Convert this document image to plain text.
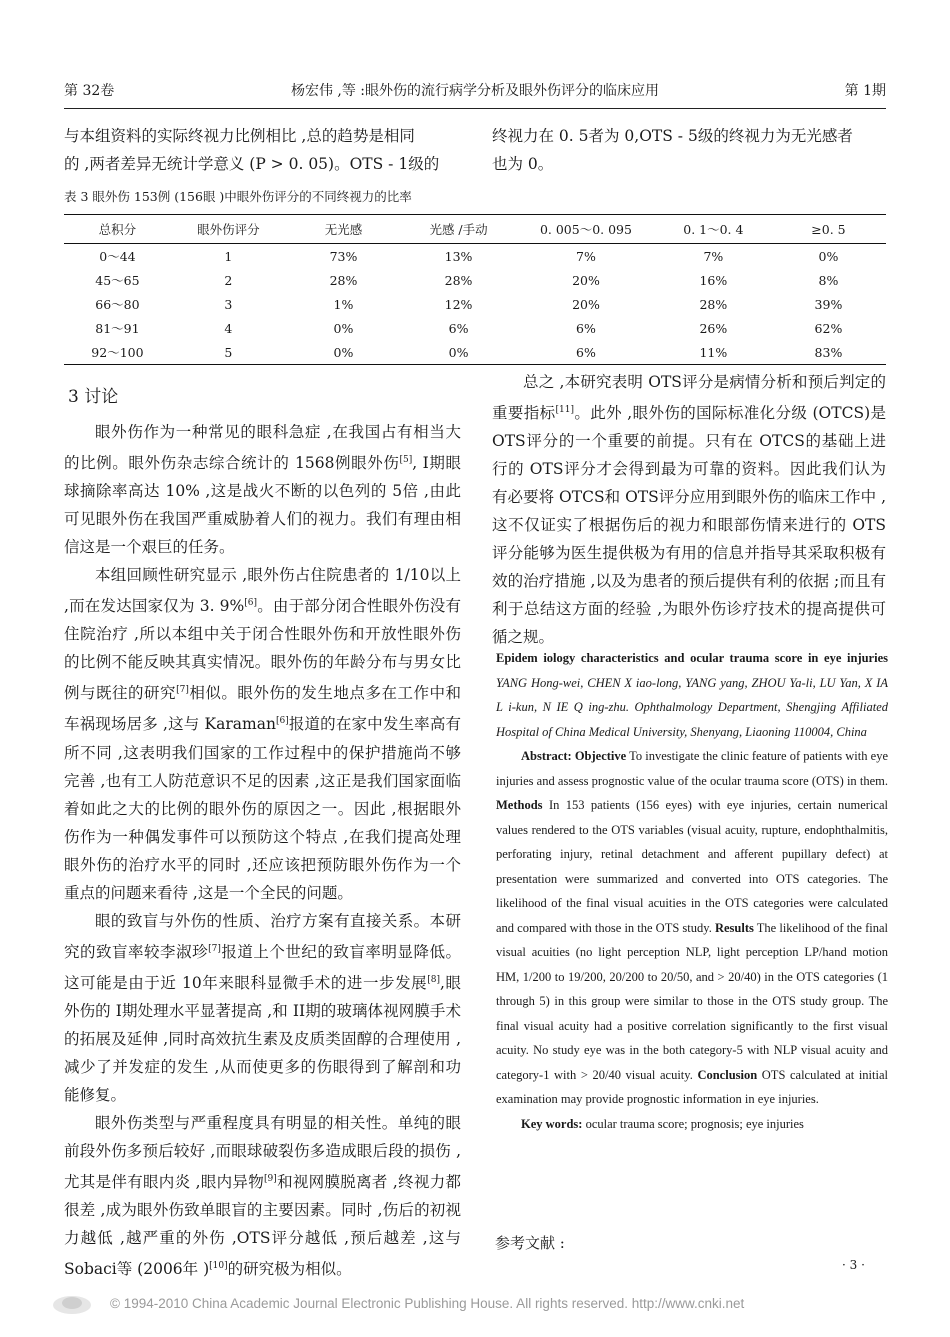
第 32卷	杨宏伟 ,等 :眼外伤的流行病学分析及眼外伤评分的临床应用	第 1期

与本组资料的实际终视力比例相比 ,总的趋势是相同

的 ,两者差异无统计学意义 (P > 0. 05)。OTS - 1级的

终视力在 0. 5者为 0,OTS - 5级的终视力为无光感者

也为 0。

表 3 眼外伤 153例 (156眼 )中眼外伤评分的不同终视力的比率
总积分	眼外伤评分	无光感	光感 /手动	0. 005～0. 095	0. 1～0. 4	≥0. 5
0～44	1	73%	13%	7%	7%	0%
45～65	2	28%	28%	20%	16%	8%
66～80	3	1%	12%	20%	28%	39%
81～91	4	0%	6%	6%	26%	62%
92～100	5	0%	0%	6%	11%	83%
3 讨论

眼外伤作为一种常见的眼科急症 ,在我国占有相当大的比例。眼外伤杂志综合统计的 1568例眼外伤[5], I期眼球摘除率高达 10% ,这是战火不断的以色列的 5倍 ,由此可见眼外伤在我国严重威胁着人们的视力。我们有理由相信这是一个艰巨的任务。

本组回顾性研究显示 ,眼外伤占住院患者的 1/10以上 ,而在发达国家仅为 3. 9%[6]。由于部分闭合性眼外伤没有住院治疗 ,所以本组中关于闭合性眼外伤和开放性眼外伤的比例不能反映其真实情况。眼外伤的年龄分布与男女比例与既往的研究[7]相似。眼外伤的发生地点多在工作中和车祸现场居多 ,这与 Karaman[6]报道的在家中发生率高有所不同 ,这表明我们国家的工作过程中的保护措施尚不够完善 ,也有工人防范意识不足的因素 ,这正是我们国家面临着如此之大的比例的眼外伤的原因之一。因此 ,根据眼外伤作为一种偶发事件可以预防这个特点 ,在我们提高处理眼外伤的治疗水平的同时 ,还应该把预防眼外伤作为一个重点的问题来看待 ,这是一个全民的问题。

眼的致盲与外伤的性质、治疗方案有直接关系。本研究的致盲率较李淑珍[7]报道上个世纪的致盲率明显降低。这可能是由于近 10年来眼科显微手术的进一步发展[8],眼外伤的 I期处理水平显著提高 ,和 II期的玻璃体视网膜手术的拓展及延伸 ,同时高效抗生素及皮质类固醇的合理使用 ,减少了并发症的发生 ,从而使更多的伤眼得到了解剖和功能修复。

眼外伤类型与严重程度具有明显的相关性。单纯的眼前段外伤多预后较好 ,而眼球破裂伤多造成眼后段的损伤 ,尤其是伴有眼内炎 ,眼内异物[9]和视网膜脱离者 ,终视力都很差 ,成为眼外伤致单眼盲的主要因素。同时 ,伤后的初视力越低 ,越严重的外伤 ,OTS评分越低 ,预后越差 ,这与 Sobaci等 (2006年 )[10]的研究极为相似。

总之 ,本研究表明 OTS评分是病情分析和预后判定的重要指标[11]。此外 ,眼外伤的国际标准化分级 (OTCS)是 OTS评分的一个重要的前提。只有在 OTCS的基础上进行的 OTS评分才会得到最为可靠的资料。因此我们认为有必要将 OTCS和 OTS评分应用到眼外伤的临床工作中 ,这不仅证实了根据伤后的视力和眼部伤情来进行的 OTS评分能够为医生提供极为有用的信息并指导其采取积极有效的治疗措施 ,以及为患者的预后提供有利的依据 ;而且有利于总结这方面的经验 ,为眼外伤诊疗技术的提高提供可循之规。

Epidem iology characteristics and ocular trauma score in eye injuries YANG Hong-wei, CHEN X iao-long, YANG yang, ZHOU Ya-li, LU Yan, X IA L i-kun, N IE Q ing-zhu. Ophthalmology Department, Shengjing Affiliated Hospital of China Medical University, Shenyang, Liaoning 110004, China

Abstract: Objective To investigate the clinic feature of patients with eye injuries and assess prognostic value of the ocular trauma score (OTS) in them. Methods In 153 patients (156 eyes) with eye injuries, certain numerical values rendered to the OTS variables (visual acuity, rupture, endophthalmitis, perforating injury, retinal detachment and afferent pupillary defect) at presentation were summarized and converted into OTS categories. The likelihood of the final visual acuities in the OTS categories were calculated and compared with those in the OTS study. Results The likelihood of the final visual acuities (no light perception NLP, light perception LP/hand motion HM, 1/200 to 19/200, 20/200 to 20/50, and > 20/40) in the OTS categories (1 through 5) in this group were similar to those in the OTS study group. The final visual acuity had a positive correlation significantly to the first visual acuity. No study eye was in the both category-5 with NLP visual acuity and category-1 with > 20/40 visual acuity. Conclusion OTS calculated at initial examination may provide prognostic information in eye injuries.

Key words: ocular trauma score; prognosis; eye injuries

参考文献 :
· 3 ·
© 1994-2010 China Academic Journal Electronic Publishing House. All rights reserved. http://www.cnki.net
